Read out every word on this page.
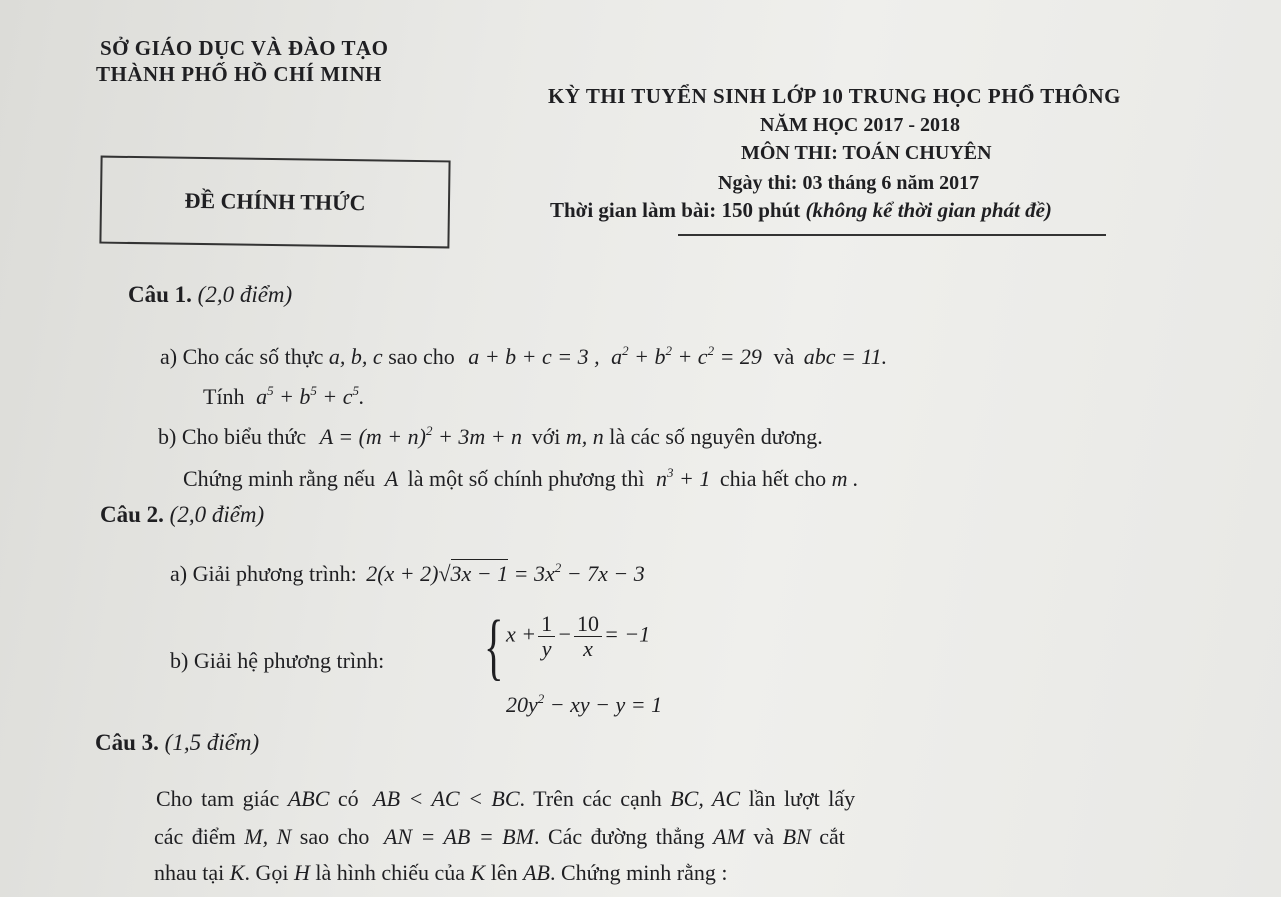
SỞ GIÁO DỤC VÀ ĐÀO TẠO
THÀNH PHỐ HỒ CHÍ MINH
KỲ THI TUYỂN SINH LỚP 10 TRUNG HỌC PHỔ THÔNG
NĂM HỌC 2017 - 2018
MÔN THI: TOÁN CHUYÊN
Ngày thi: 03 tháng 6 năm 2017
Thời gian làm bài: 150 phút (không kể thời gian phát đề)
ĐỀ CHÍNH THỨC
Câu 1. (2,0 điểm)
a) Cho các số thực a, b, c sao cho a + b + c = 3 , $a^2 + b^2 + c^2 = 29$ và abc = 11.
Tính $a^5 + b^5 + c^5$.
b) Cho biểu thức $A = (m + n)^2 + 3m + n$ với m, n là các số nguyên dương.
Chứng minh rằng nếu A là một số chính phương thì $n^3 + 1$ chia hết cho m .
Câu 2. (2,0 điểm)
a) Giải phương trình: $2(x + 2)√3x - 1 = 3x^2 - 7x - 3$
b) Giải hệ phương trình: { $x + \frac{1}{y} - \frac{10}{x} = -1$
$20y^2$ − xy − y = 1
Câu 3. (1,5 điểm)
Cho tam giác ABC có AB < AC < BC. Trên các cạnh BC, AC lần lượt lấy
các điểm M, N sao cho AN = AB = BM. Các đường thẳng AM và BN cắt
nhau tại K. Gọi H là hình chiếu của K lên AB. Chứng minh rằng :
